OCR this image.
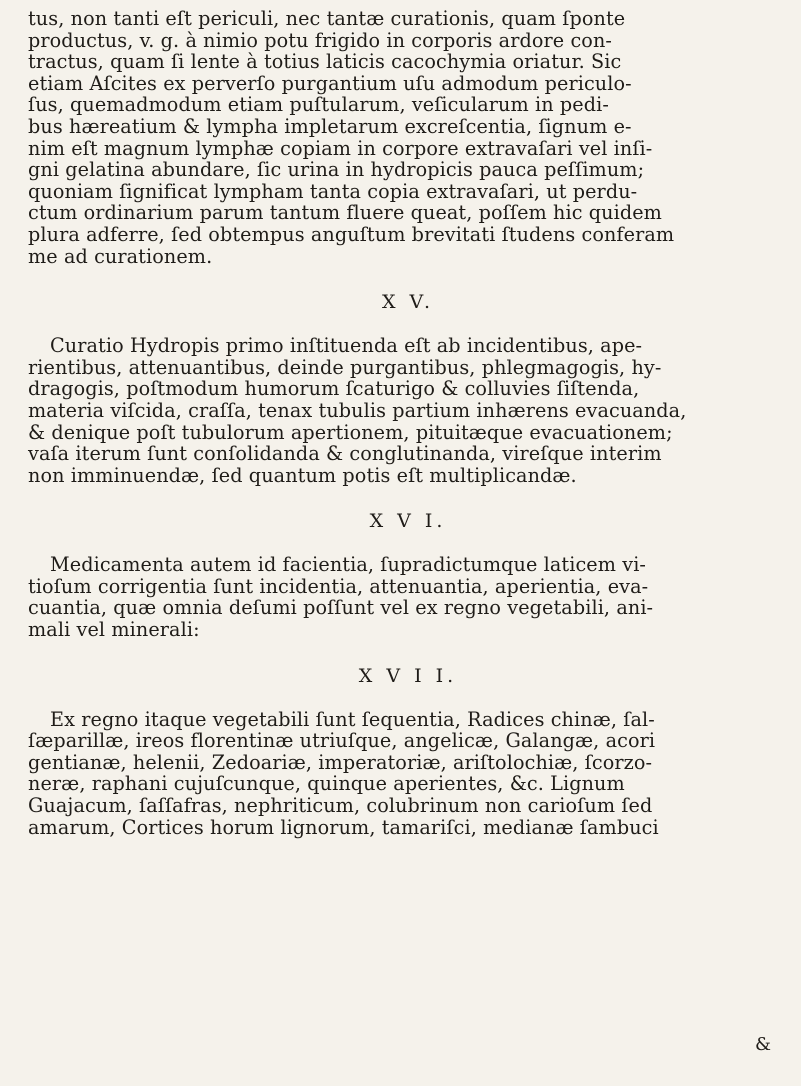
tus, non tanti eſt periculi, nec tantæ curationis, quam ſponte
productus, v. g. à nimio potu frigido in corporis ardore con-
tractus, quam ſi lente à totius laticis cacochymia oriatur. Sic
etiam Aſcites ex perverſo purgantium uſu admodum periculo-
ſus, quemadmodum etiam puſtularum, veſicularum in pedi-
bus hæreatium & lympha impletarum excreſcentia, ſignum e-
nim eſt magnum lymphæ copiam in corpore extravaſari vel inſi-
gni gelatina abundare, ſic urina in hydropicis pauca peſſimum;
quoniam ſignificat lympham tanta copia extravaſari, ut perdu-
ctum ordinarium parum tantum fluere queat, poſſem hic quidem
plura adferre, ſed obtempus anguſtum brevitati ſtudens conferam
me ad curationem.
X V.
Curatio Hydropis primo inſtituenda eſt ab incidentibus, ape-
rientibus, attenuantibus, deinde purgantibus, phlegmagogis, hy-
dragogis, poſtmodum humorum ſcaturigo & colluvies ſiſtenda,
materia viſcida, craſſa, tenax tubulis partium inhærens evacuanda,
& denique poſt tubulorum apertionem, pituitæque evacuationem;
vaſa iterum ſunt conſolidanda & conglutinanda, vireſque interim
non imminuendæ, ſed quantum potis eſt multiplicandæ.
X V I.
Medicamenta autem id facientia, ſupradictumque laticem vi-
tioſum corrigentia ſunt incidentia, attenuantia, aperientia, eva-
cuantia, quæ omnia deſumi poſſunt vel ex regno vegetabili, ani-
mali vel minerali:
X V I I.
Ex regno itaque vegetabili ſunt ſequentia, Radices chinæ, ſal-
ſæparillæ, ireos florentinæ utriuſque, angelicæ, Galangæ, acori
gentianæ, helenii, Zedoariæ, imperatoriæ, ariſtolochiæ, ſcorzo-
neræ, raphani cujuſcunque, quinque aperientes, &c. Lignum
Guajacum, ſaſſafras, nephriticum, colubrinum non carioſum ſed
amarum, Cortices horum lignorum, tamariſci, medianæ ſambuci
&
